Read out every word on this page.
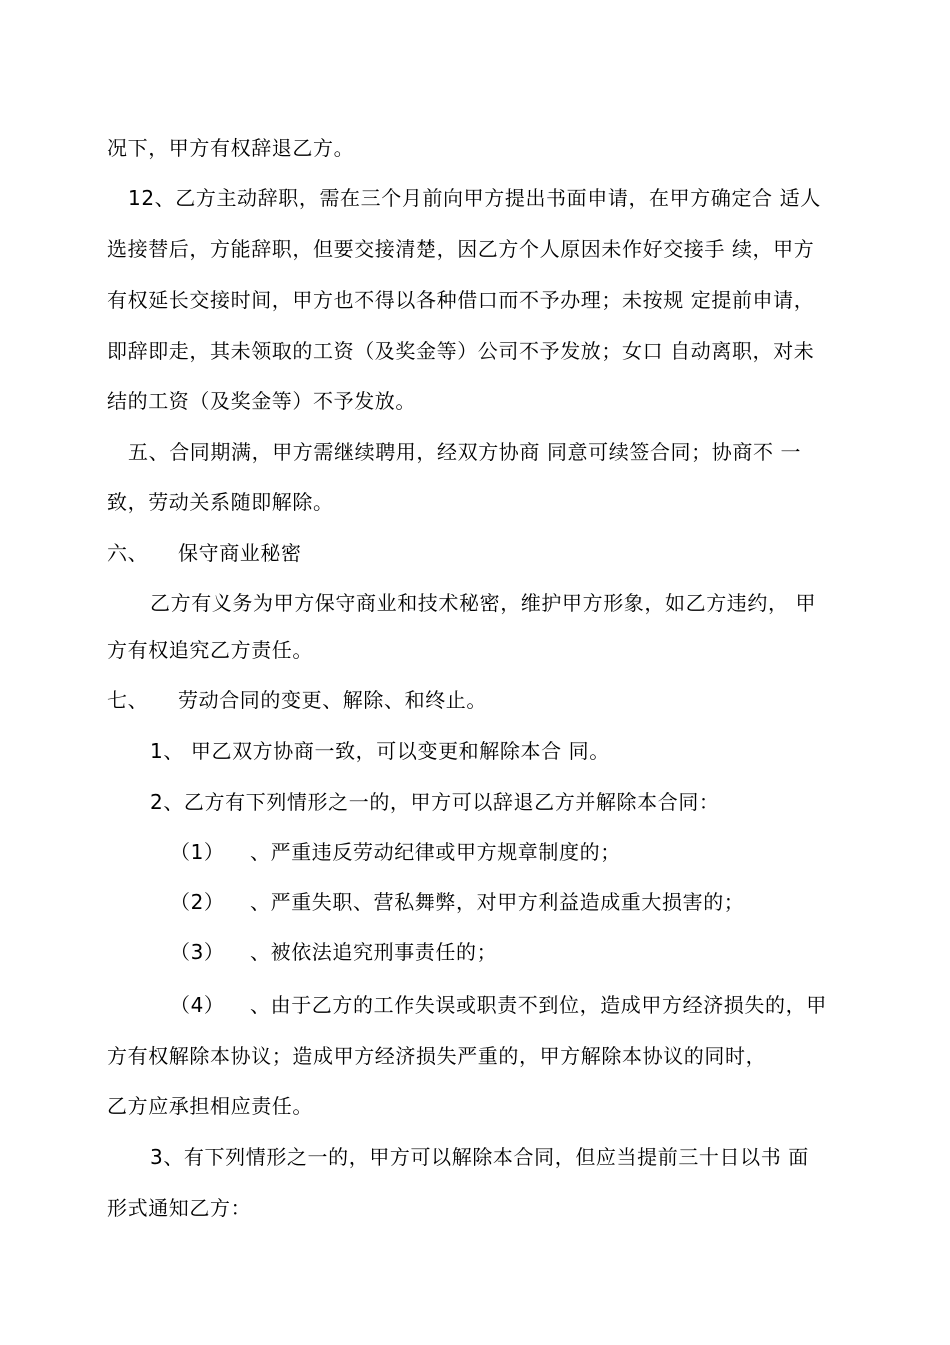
况下，甲方有权辞退乙方。
12、乙方主动辞职，需在三个月前向甲方提出书面申请，在甲方确定合 适人
选接替后，方能辞职，但要交接清楚，因乙方个人原因未作好交接手 续，甲方
有权延长交接时间，甲方也不得以各种借口而不予办理；未按规 定提前申请，
即辞即走，其未领取的工资（及奖金等）公司不予发放；女口 自动离职，对未
结的工资（及奖金等）不予发放。
五、合同期满，甲方需继续聘用，经双方协商 同意可续签合同；协商不 一
致，劳动关系随即解除。
六、 保守商业秘密
乙方有义务为甲方保守商业和技术秘密，维护甲方形象，如乙方违约， 甲
方有权追究乙方责任。
七、 劳动合同的变更、解除、和终止。
1、 甲乙双方协商一致，可以变更和解除本合 同。
2、乙方有下列情形之一的，甲方可以辞退乙方并解除本合同：
（1） 、严重违反劳动纪律或甲方规章制度的；
（2） 、严重失职、营私舞弊，对甲方利益造成重大损害的；
（3） 、被依法追究刑事责任的；
（4） 、由于乙方的工作失误或职责不到位，造成甲方经济损失的，甲
方有权解除本协议；造成甲方经济损失严重的，甲方解除本协议的同时，
乙方应承担相应责任。
3、有下列情形之一的，甲方可以解除本合同，但应当提前三十日以书 面
形式通知乙方：
